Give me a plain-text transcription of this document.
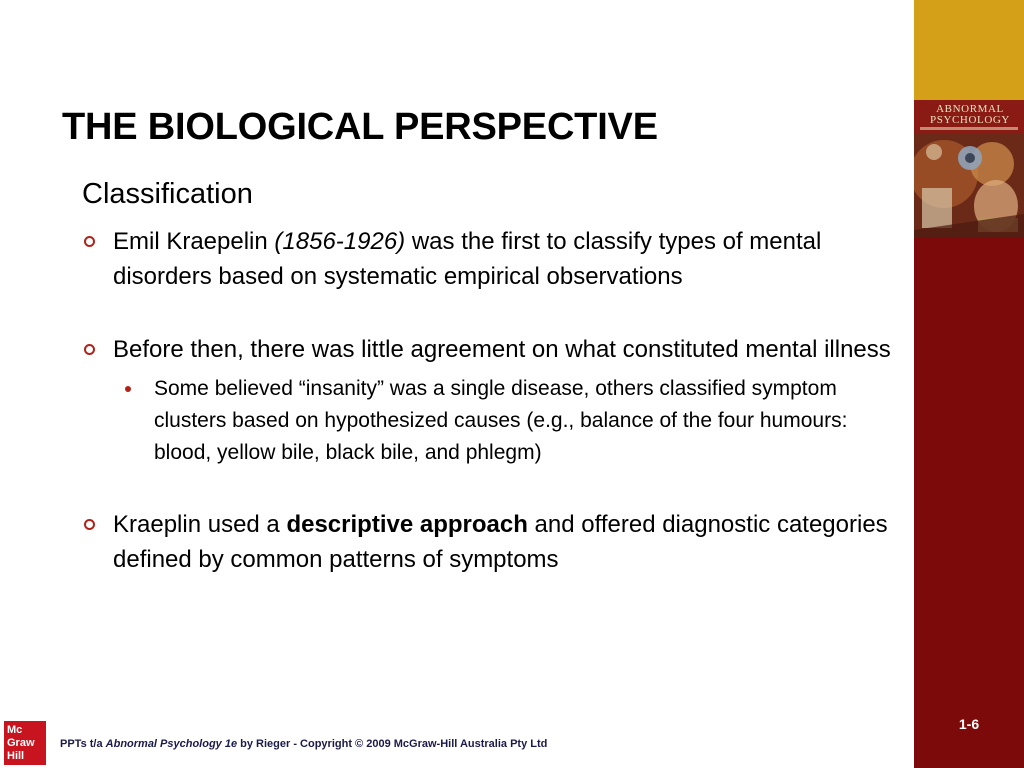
ABNORMAL
PSYCHOLOGY
1-6
THE BIOLOGICAL PERSPECTIVE
Classification
Emil Kraepelin (1856-1926) was the first to classify types of mental disorders based on systematic empirical observations
Before then, there was little agreement on what constituted mental illness
Some believed “insanity” was a single disease, others classified symptom clusters based on hypothesized causes (e.g., balance of the four humours: blood, yellow bile, black bile, and phlegm)
Kraeplin used a descriptive approach and offered diagnostic categories defined by common patterns of symptoms
Mc
Graw
Hill
PPTs t/a Abnormal Psychology 1e by Rieger - Copyright © 2009 McGraw-Hill Australia Pty Ltd
